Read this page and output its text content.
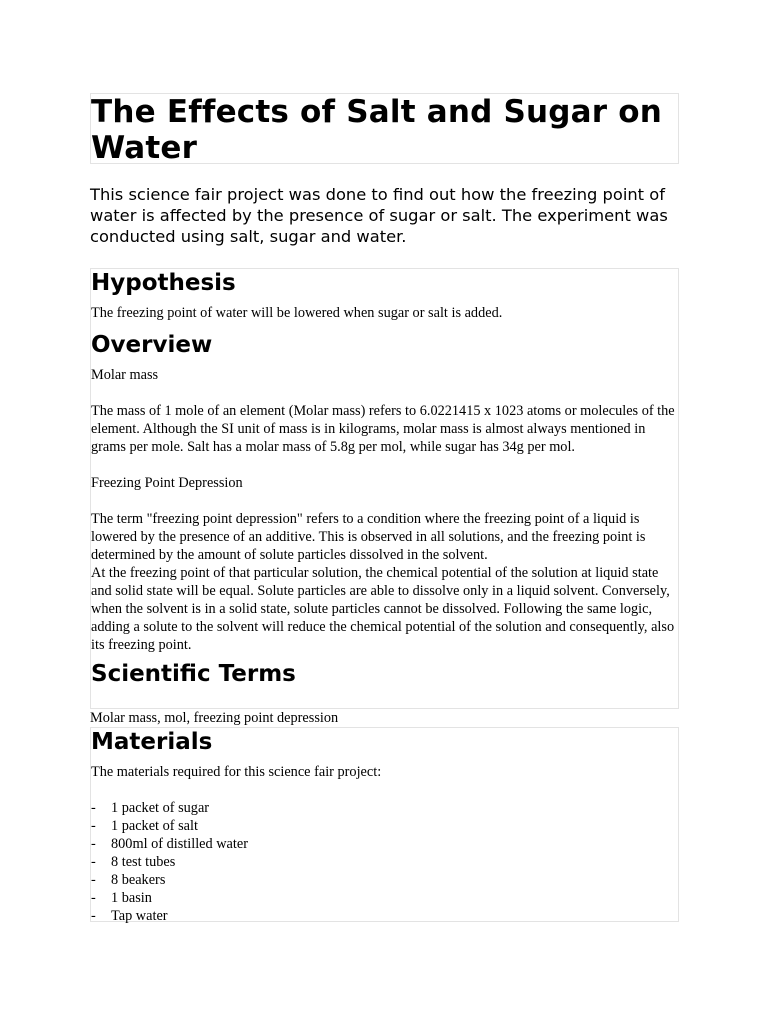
The Effects of Salt and Sugar on Water

This science fair project was done to find out how the freezing point of water is affected by the presence of sugar or salt. The experiment was conducted using salt, sugar and water.

Hypothesis

The freezing point of water will be lowered when sugar or salt is added.

Overview

Molar mass

The mass of 1 mole of an element (Molar mass) refers to 6.0221415 x 1023 atoms or molecules of the element. Although the SI unit of mass is in kilograms, molar mass is almost always mentioned in grams per mole. Salt has a molar mass of 5.8g per mol, while sugar has 34g per mol.

Freezing Point Depression

The term "freezing point depression" refers to a condition where the freezing point of a liquid is lowered by the presence of an additive. This is observed in all solutions, and the freezing point is determined by the amount of solute particles dissolved in the solvent.

At the freezing point of that particular solution, the chemical potential of the solution at liquid state and solid state will be equal. Solute particles are able to dissolve only in a liquid solvent. Conversely, when the solvent is in a solid state, solute particles cannot be dissolved. Following the same logic, adding a solute to the solvent will reduce the chemical potential of the solution and consequently, also its freezing point.

Scientific Terms

Molar mass, mol, freezing point depression

Materials

The materials required for this science fair project:

- 1 packet of sugar
- 1 packet of salt
- 800ml of distilled water
- 8 test tubes
- 8 beakers
- 1 basin
- Tap water
